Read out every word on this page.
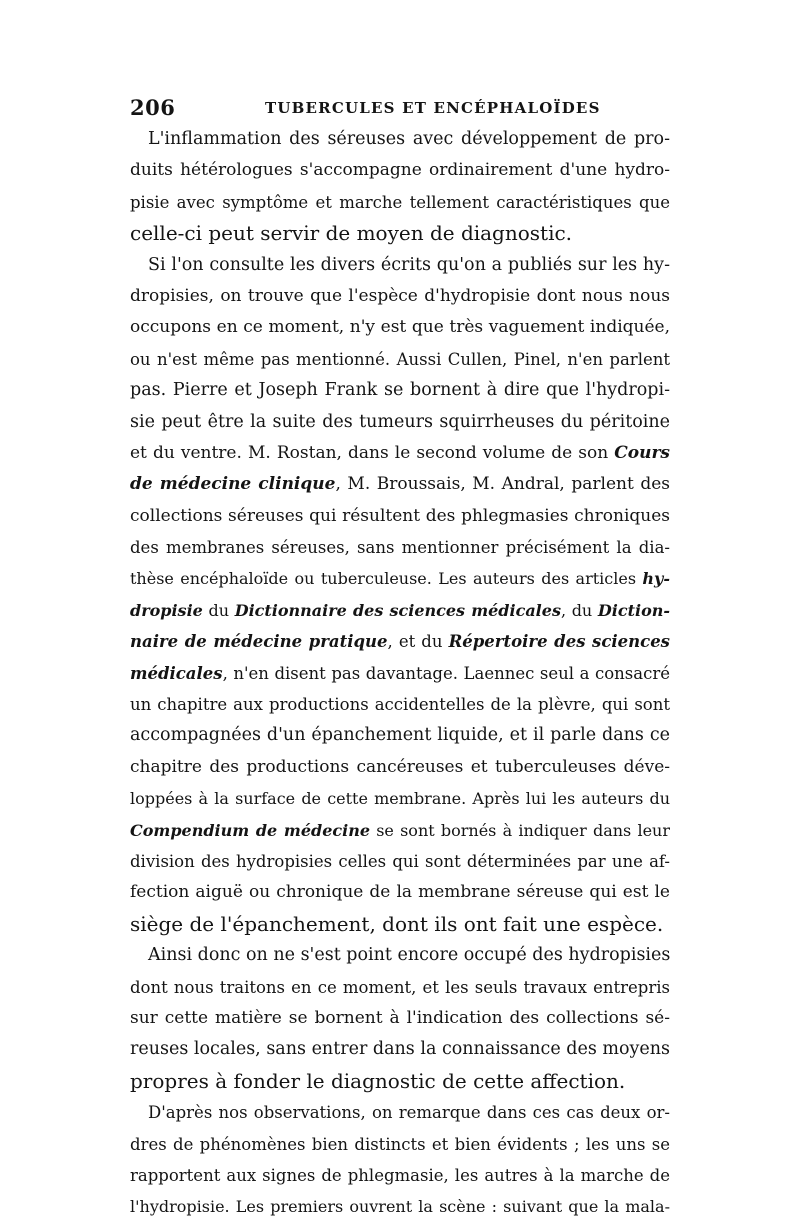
206	TUBERCULES ET ENCÉPHALOÏDES
L'inflammation des séreuses avec développement de pro-
duits hétérologues s'accompagne ordinairement d'une hydro-
pisie avec symptôme et marche tellement caractéristiques que
celle-ci peut servir de moyen de diagnostic.
Si l'on consulte les divers écrits qu'on a publiés sur les hy-
dropisies, on trouve que l'espèce d'hydropisie dont nous nous
occupons en ce moment, n'y est que très vaguement indiquée,
ou n'est même pas mentionné. Aussi Cullen, Pinel, n'en parlent
pas. Pierre et Joseph Frank se bornent à dire que l'hydropi-
sie peut être la suite des tumeurs squirrheuses du péritoine
et du ventre. M. Rostan, dans le second volume de son Cours
de médecine clinique, M. Broussais, M. Andral, parlent des
collections séreuses qui résultent des phlegmasies chroniques
des membranes séreuses, sans mentionner précisément la dia-
thèse encéphaloïde ou tuberculeuse. Les auteurs des articles hy-
dropisie du Dictionnaire des sciences médicales, du Diction-
naire de médecine pratique, et du Répertoire des sciences
médicales, n'en disent pas davantage. Laennec seul a consacré
un chapitre aux productions accidentelles de la plèvre, qui sont
accompagnées d'un épanchement liquide, et il parle dans ce
chapitre des productions cancéreuses et tuberculeuses déve-
loppées à la surface de cette membrane. Après lui les auteurs du
Compendium de médecine se sont bornés à indiquer dans leur
division des hydropisies celles qui sont déterminées par une af-
fection aiguë ou chronique de la membrane séreuse qui est le
siège de l'épanchement, dont ils ont fait une espèce.
Ainsi donc on ne s'est point encore occupé des hydropisies
dont nous traitons en ce moment, et les seuls travaux entrepris
sur cette matière se bornent à l'indication des collections sé-
reuses locales, sans entrer dans la connaissance des moyens
propres à fonder le diagnostic de cette affection.
D'après nos observations, on remarque dans ces cas deux or-
dres de phénomènes bien distincts et bien évidents ; les uns se
rapportent aux signes de phlegmasie, les autres à la marche de
l'hydropisie. Les premiers ouvrent la scène : suivant que la mala-
